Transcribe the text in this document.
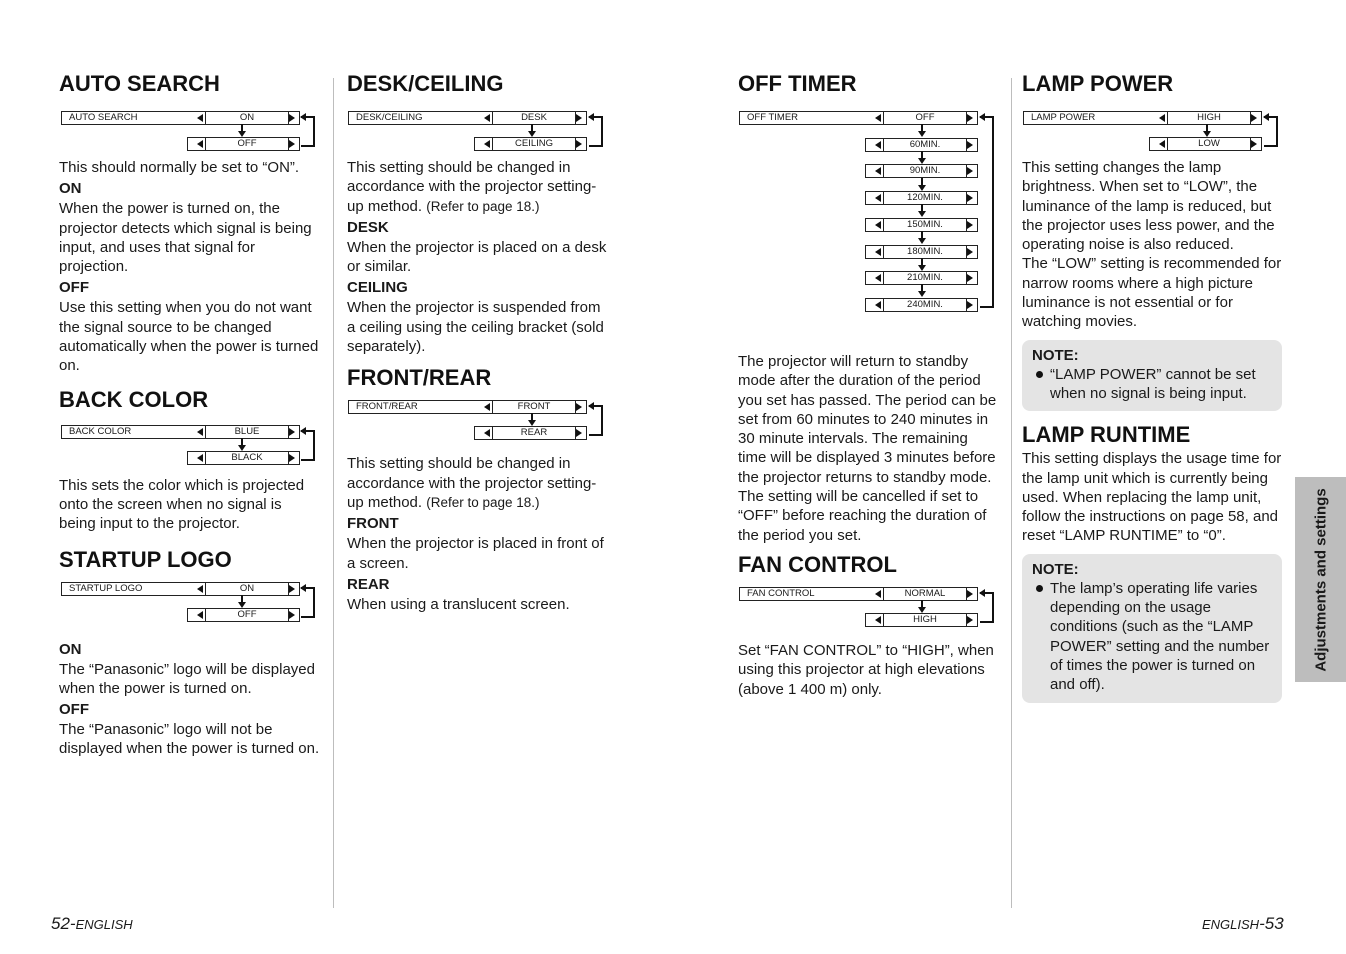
AUTO SEARCH
AUTO SEARCH	ON
OFF

This should normally be set to “ON”.

ON

When the power is turned on, the projector detects which signal is being input, and uses that signal for projection.

OFF

Use this setting when you do not want the signal source to be changed automatically when the power is turned on.

BACK COLOR
BACK COLOR	BLUE
BLACK

This sets the color which is projected onto the screen when no signal is being input to the projector.

STARTUP LOGO
STARTUP LOGO	ON
OFF
ON

The “Panasonic” logo will be displayed when the power is turned on.

OFF

The “Panasonic” logo will not be displayed when the power is turned on.

DESK/CEILING
DESK/CEILING	DESK
CEILING

This setting should be changed in accordance with the projector setting-up method. (Refer to page 18.)

DESK

When the projector is placed on a desk or similar.

CEILING

When the projector is suspended from a ceiling using the ceiling bracket (sold separately).

FRONT/REAR
FRONT/REAR	FRONT
REAR

This setting should be changed in accordance with the projector setting-up method. (Refer to page 18.)

FRONT

When the projector is placed in front of a screen.

REAR

When using a translucent screen.

OFF TIMER
OFF TIMER	OFF
60MIN.
90MIN.
120MIN.
150MIN.
180MIN.
210MIN.
240MIN.

The projector will return to standby mode after the duration of the period you set has passed. The period can be set from 60 minutes to 240 minutes in 30 minute intervals. The remaining time will be displayed 3 minutes before the projector returns to standby mode. The setting will be cancelled if set to “OFF” before reaching the duration of the period you set.

FAN CONTROL
FAN CONTROL	NORMAL
HIGH

Set “FAN CONTROL” to “HIGH”, when using this projector at high elevations (above 1 400 m) only.

LAMP POWER
LAMP POWER	HIGH
LOW

This setting changes the lamp brightness. When set to “LOW”, the luminance of the lamp is reduced, but the projector uses less power, and the operating noise is also reduced.

The “LOW” setting is recommended for narrow rooms where a high picture luminance is not essential or for watching movies.

NOTE:
“LAMP POWER” cannot be set when no signal is being input.
LAMP RUNTIME

This setting displays the usage time for the lamp unit which is currently being used. When replacing the lamp unit, follow the instructions on page 58, and reset “LAMP RUNTIME” to “0”.

NOTE:
The lamp’s operating life varies depending on the usage conditions (such as the “LAMP POWER” setting and the number of times the power is turned on and off).
Adjustments and settings
52-ENGLISH	ENGLISH-53
